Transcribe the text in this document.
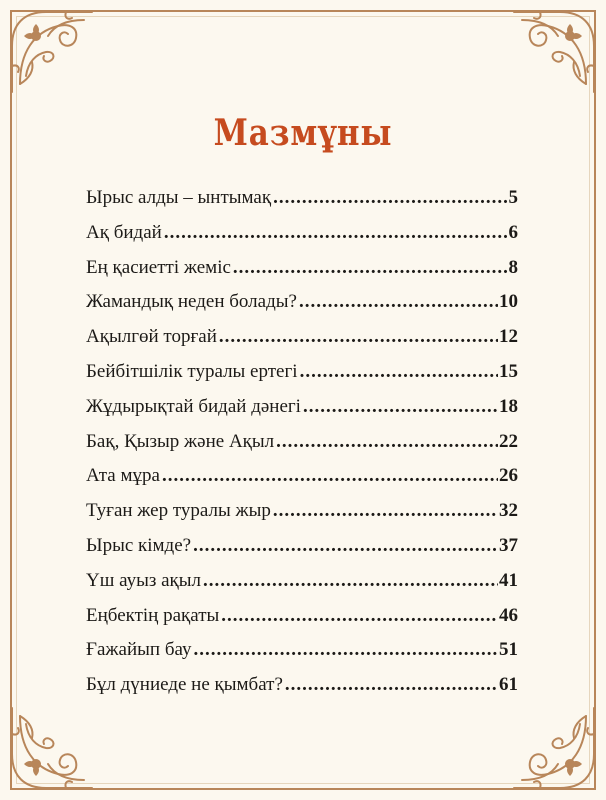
Мазмұны
Ырыс алды – ынтымақ .....	5
Ақ бидай .....	6
Ең қасиетті жеміс .....	8
Жамандық неден болады? .....	10
Ақылгөй торғай .....	12
Бейбітшілік туралы ертегі .....	15
Жұдырықтай бидай дәнегі .....	18
Бақ, Қызыр және Ақыл .....	22
Ата мұра .....	26
Туған жер туралы жыр .....	32
Ырыс кімде? .....	37
Үш ауыз ақыл .....	41
Еңбектің рақаты .....	46
Ғажайып бау .....	51
Бұл дүниеде не қымбат? .....	61
